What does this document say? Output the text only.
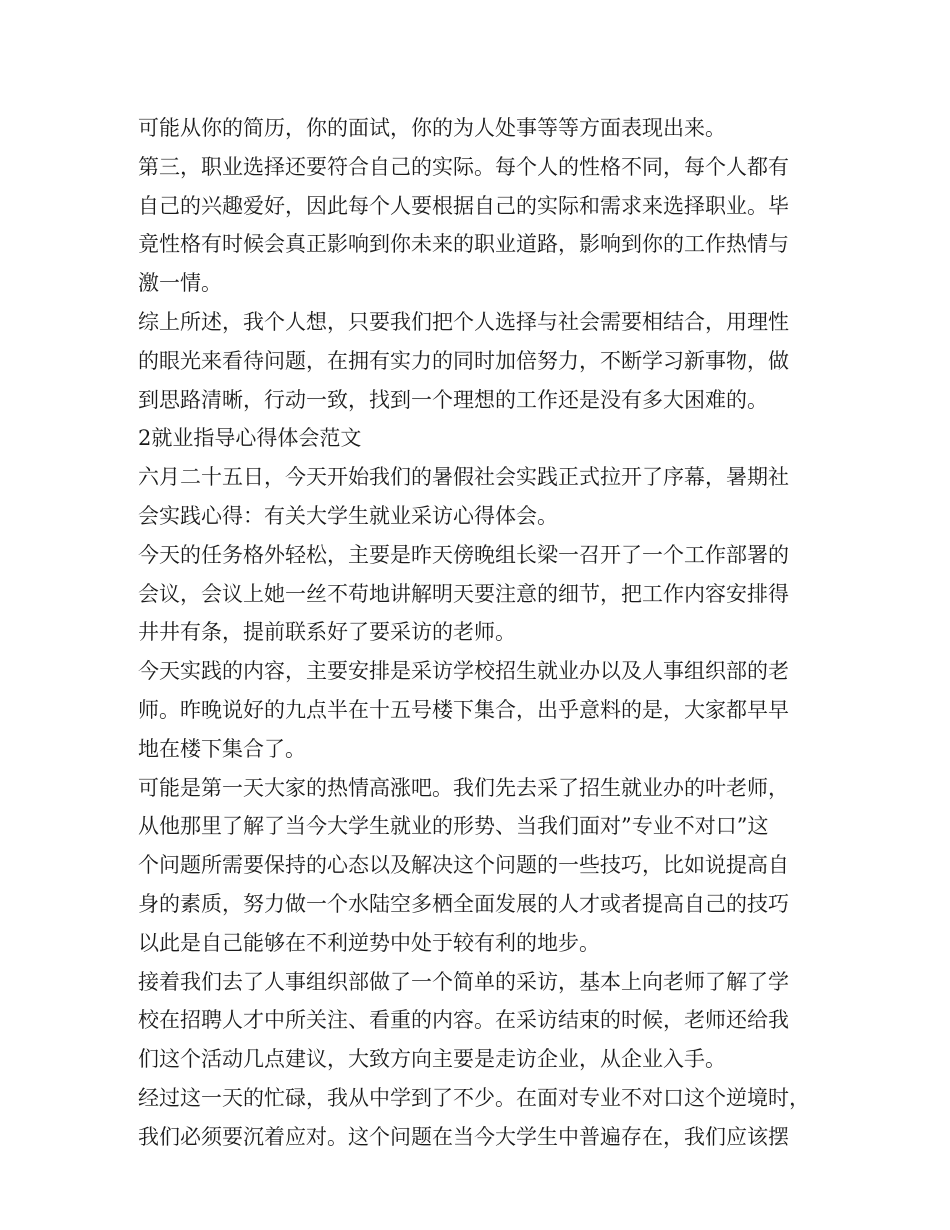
可能从你的简历，你的面试，你的为人处事等等方面表现出来。
第三，职业选择还要符合自己的实际。每个人的性格不同，每个人都有
自己的兴趣爱好，因此每个人要根据自己的实际和需求来选择职业。毕
竟性格有时候会真正影响到你未来的职业道路，影响到你的工作热情与
激一情。
综上所述，我个人想，只要我们把个人选择与社会需要相结合，用理性
的眼光来看待问题，在拥有实力的同时加倍努力，不断学习新事物，做
到思路清晰，行动一致，找到一个理想的工作还是没有多大困难的。
2就业指导心得体会范文
六月二十五日，今天开始我们的暑假社会实践正式拉开了序幕，暑期社
会实践心得：有关大学生就业采访心得体会。
今天的任务格外轻松，主要是昨天傍晚组长梁一召开了一个工作部署的
会议，会议上她一丝不苟地讲解明天要注意的细节，把工作内容安排得
井井有条，提前联系好了要采访的老师。
今天实践的内容，主要安排是采访学校招生就业办以及人事组织部的老
师。昨晚说好的九点半在十五号楼下集合，出乎意料的是，大家都早早
地在楼下集合了。
可能是第一天大家的热情高涨吧。我们先去采了招生就业办的叶老师，
从他那里了解了当今大学生就业的形势、当我们面对”专业不对口”这
个问题所需要保持的心态以及解决这个问题的一些技巧，比如说提高自
身的素质，努力做一个水陆空多栖全面发展的人才或者提高自己的技巧
以此是自己能够在不利逆势中处于较有利的地步。
接着我们去了人事组织部做了一个简单的采访，基本上向老师了解了学
校在招聘人才中所关注、看重的内容。在采访结束的时候，老师还给我
们这个活动几点建议，大致方向主要是走访企业，从企业入手。
经过这一天的忙碌，我从中学到了不少。在面对专业不对口这个逆境时，
我们必须要沉着应对。这个问题在当今大学生中普遍存在，我们应该摆
